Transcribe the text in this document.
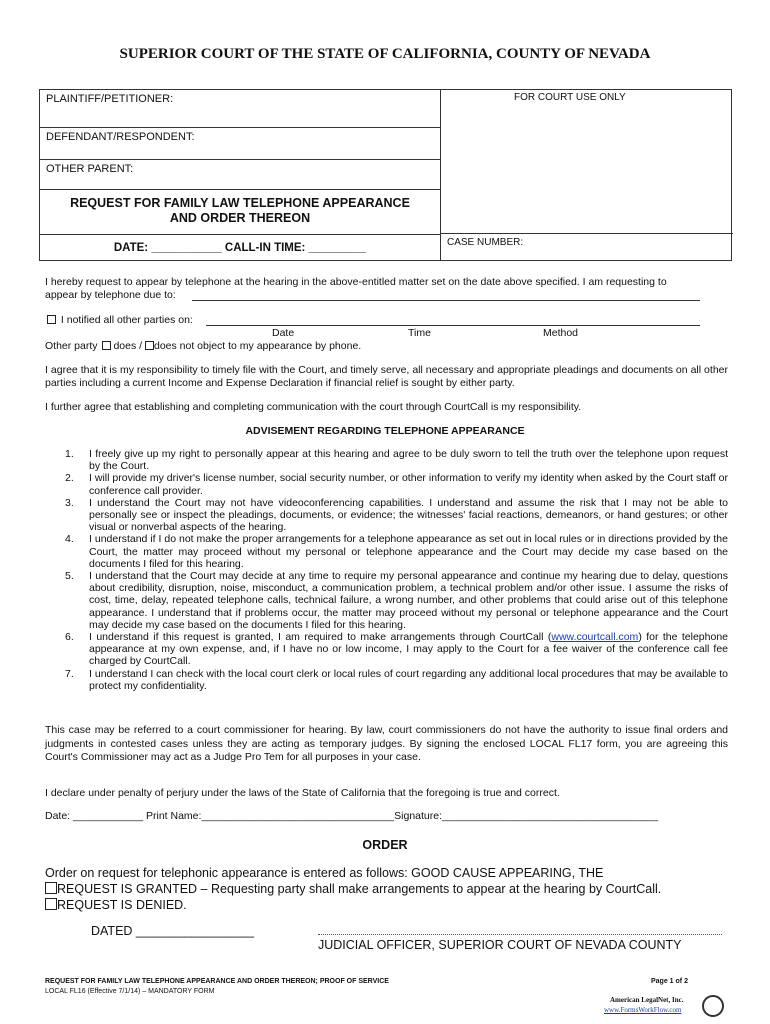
SUPERIOR COURT OF THE STATE OF CALIFORNIA, COUNTY OF NEVADA
PLAINTIFF/PETITIONER:
DEFENDANT/RESPONDENT:
OTHER PARENT:
REQUEST FOR FAMILY LAW TELEPHONE APPEARANCE
AND ORDER THEREON
DATE: ___________ CALL-IN TIME: _________
FOR COURT USE ONLY
CASE NUMBER:
I hereby request to appear by telephone at the hearing in the above-entitled matter set on the date above specified. I am requesting to
appear by telephone due to:
I notified all other parties on:
Date	Time	Method
Other party does / does not object to my appearance by phone.
I agree that it is my responsibility to timely file with the Court, and timely serve, all necessary and appropriate pleadings and documents on all other parties including a current Income and Expense Declaration if financial relief is sought by either party.
I further agree that establishing and completing communication with the court through CourtCall is my responsibility.
ADVISEMENT REGARDING TELEPHONE APPEARANCE
1. I freely give up my right to personally appear at this hearing and agree to be duly sworn to tell the truth over the telephone upon request by the Court.
2. I will provide my driver's license number, social security number, or other information to verify my identity when asked by the Court staff or conference call provider.
3. I understand the Court may not have videoconferencing capabilities. I understand and assume the risk that I may not be able to personally see or inspect the pleadings, documents, or evidence; the witnesses' facial reactions, demeanors, or hand gestures; or other visual or nonverbal aspects of the hearing.
4. I understand if I do not make the proper arrangements for a telephone appearance as set out in local rules or in directions provided by the Court, the matter may proceed without my personal or telephone appearance and the Court may decide my case based on the documents I filed for this hearing.
5. I understand that the Court may decide at any time to require my personal appearance and continue my hearing due to delay, questions about credibility, disruption, noise, misconduct, a communication problem, a technical problem and/or other issue. I assume the risks of cost, time, delay, repeated telephone calls, technical failure, a wrong number, and other problems that could arise out of this telephone appearance. I understand that if problems occur, the matter may proceed without my personal or telephone appearance and the Court may decide my case based on the documents I filed for this hearing.
6. I understand if this request is granted, I am required to make arrangements through CourtCall (www.courtcall.com) for the telephone appearance at my own expense, and, if I have no or low income, I may apply to the Court for a fee waiver of the conference call fee charged by CourtCall.
7. I understand I can check with the local court clerk or local rules of court regarding any additional local procedures that may be available to protect my confidentiality.
This case may be referred to a court commissioner for hearing. By law, court commissioners do not have the authority to issue final orders and judgments in contested cases unless they are acting as temporary judges. By signing the enclosed LOCAL FL17 form, you are agreeing this Court's Commissioner may act as a Judge Pro Tem for all purposes in your case.
I declare under penalty of perjury under the laws of the State of California that the foregoing is true and correct.
Date: ____________ Print Name:_________________________________Signature:_____________________________________
ORDER
Order on request for telephonic appearance is entered as follows: GOOD CAUSE APPEARING, THE
REQUEST IS GRANTED – Requesting party shall make arrangements to appear at the hearing by CourtCall.
REQUEST IS DENIED.
DATED _________________
JUDICIAL OFFICER, SUPERIOR COURT OF NEVADA COUNTY
REQUEST FOR FAMILY LAW TELEPHONE APPEARANCE AND ORDER THEREON; PROOF OF SERVICE
LOCAL FL16 (Effective 7/1/14) – MANDATORY FORM
Page 1 of 2
American LegalNet, Inc.
www.FormsWorkFlow.com
